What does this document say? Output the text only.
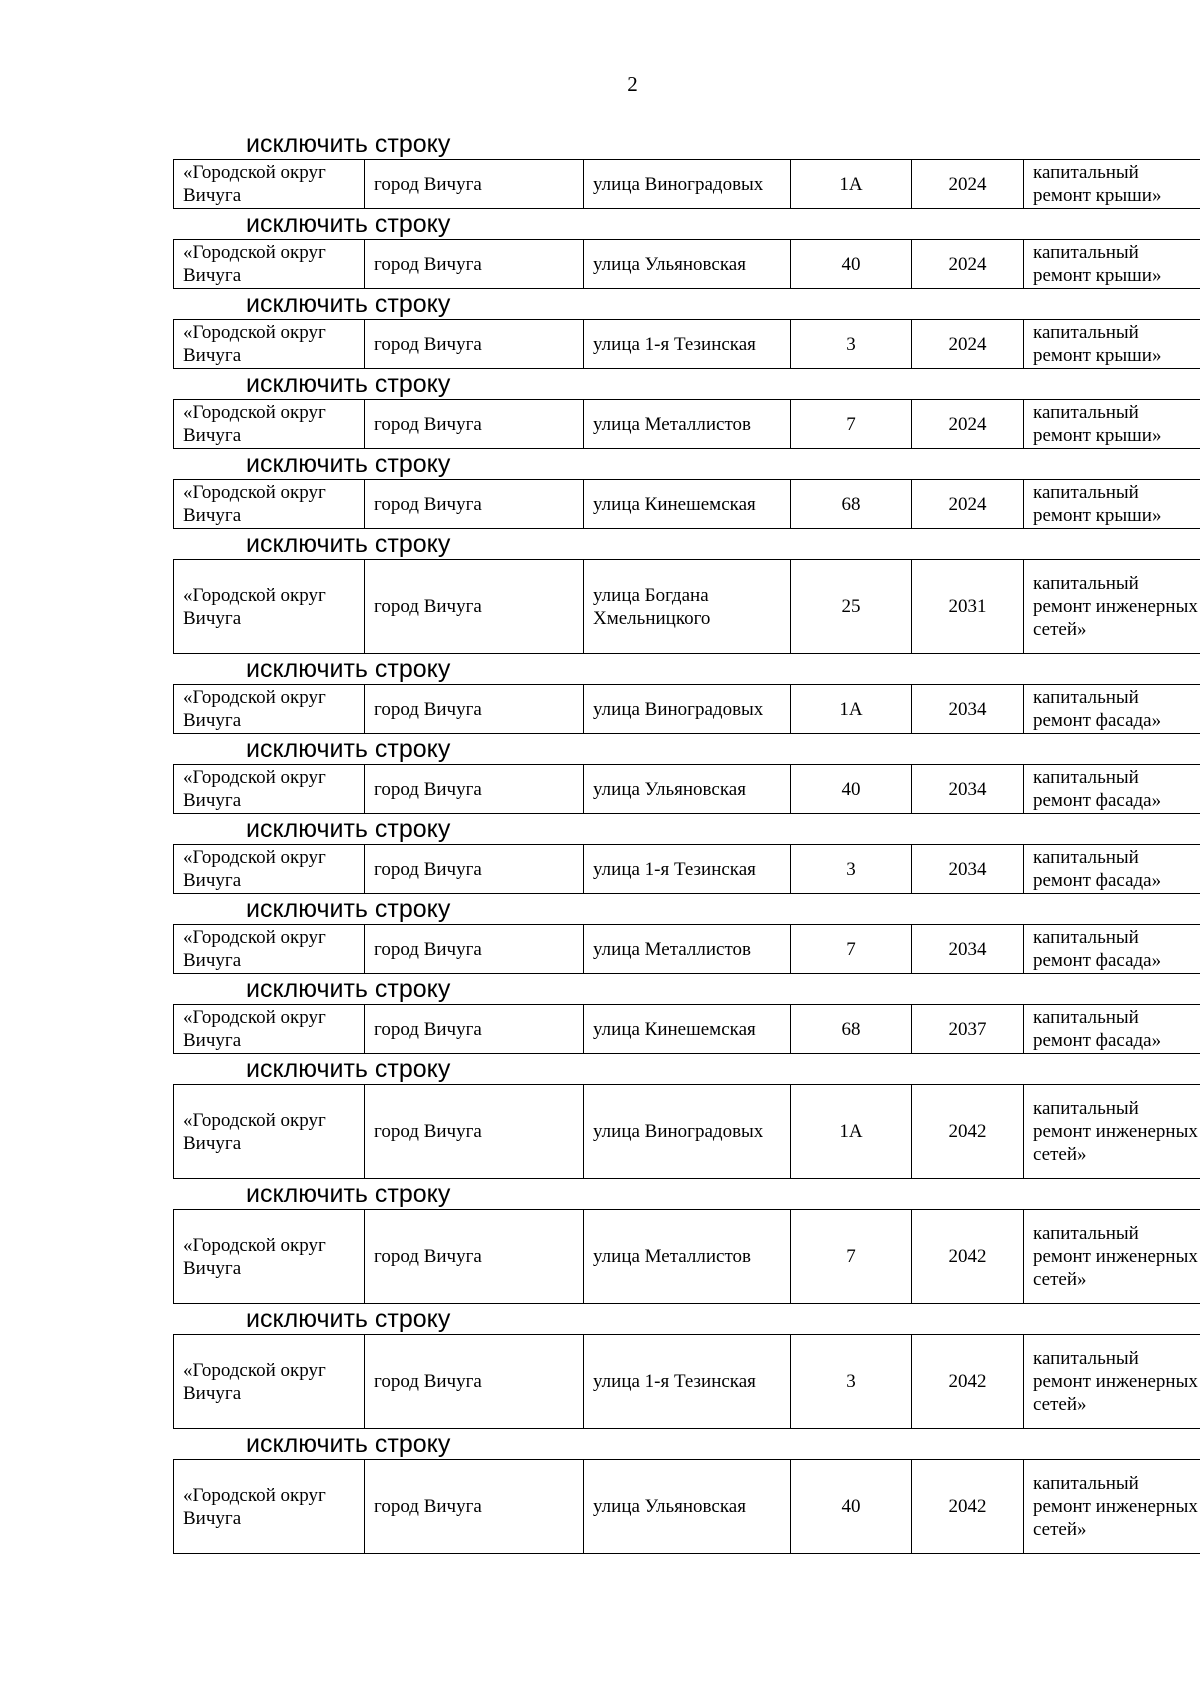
2
исключить строку
«Городской округ Вичуга	город Вичуга	улица Виноградовых	1А	2024	капитальный ремонт крыши»
исключить строку
«Городской округ Вичуга	город Вичуга	улица Ульяновская	40	2024	капитальный ремонт крыши»
исключить строку
«Городской округ Вичуга	город Вичуга	улица 1-я Тезинская	3	2024	капитальный ремонт крыши»
исключить строку
«Городской округ Вичуга	город Вичуга	улица Металлистов	7	2024	капитальный ремонт крыши»
исключить строку
«Городской округ Вичуга	город Вичуга	улица Кинешемская	68	2024	капитальный ремонт крыши»
исключить строку
«Городской округ Вичуга	город Вичуга	улица Богдана Хмельницкого	25	2031	капитальный ремонт инженерных сетей»
исключить строку
«Городской округ Вичуга	город Вичуга	улица Виноградовых	1А	2034	капитальный ремонт фасада»
исключить строку
«Городской округ Вичуга	город Вичуга	улица Ульяновская	40	2034	капитальный ремонт фасада»
исключить строку
«Городской округ Вичуга	город Вичуга	улица 1-я Тезинская	3	2034	капитальный ремонт фасада»
исключить строку
«Городской округ Вичуга	город Вичуга	улица Металлистов	7	2034	капитальный ремонт фасада»
исключить строку
«Городской округ Вичуга	город Вичуга	улица Кинешемская	68	2037	капитальный ремонт фасада»
исключить строку
«Городской округ Вичуга	город Вичуга	улица Виноградовых	1А	2042	капитальный ремонт инженерных сетей»
исключить строку
«Городской округ Вичуга	город Вичуга	улица Металлистов	7	2042	капитальный ремонт инженерных сетей»
исключить строку
«Городской округ Вичуга	город Вичуга	улица 1-я Тезинская	3	2042	капитальный ремонт инженерных сетей»
исключить строку
«Городской округ Вичуга	город Вичуга	улица Ульяновская	40	2042	капитальный ремонт инженерных сетей»
